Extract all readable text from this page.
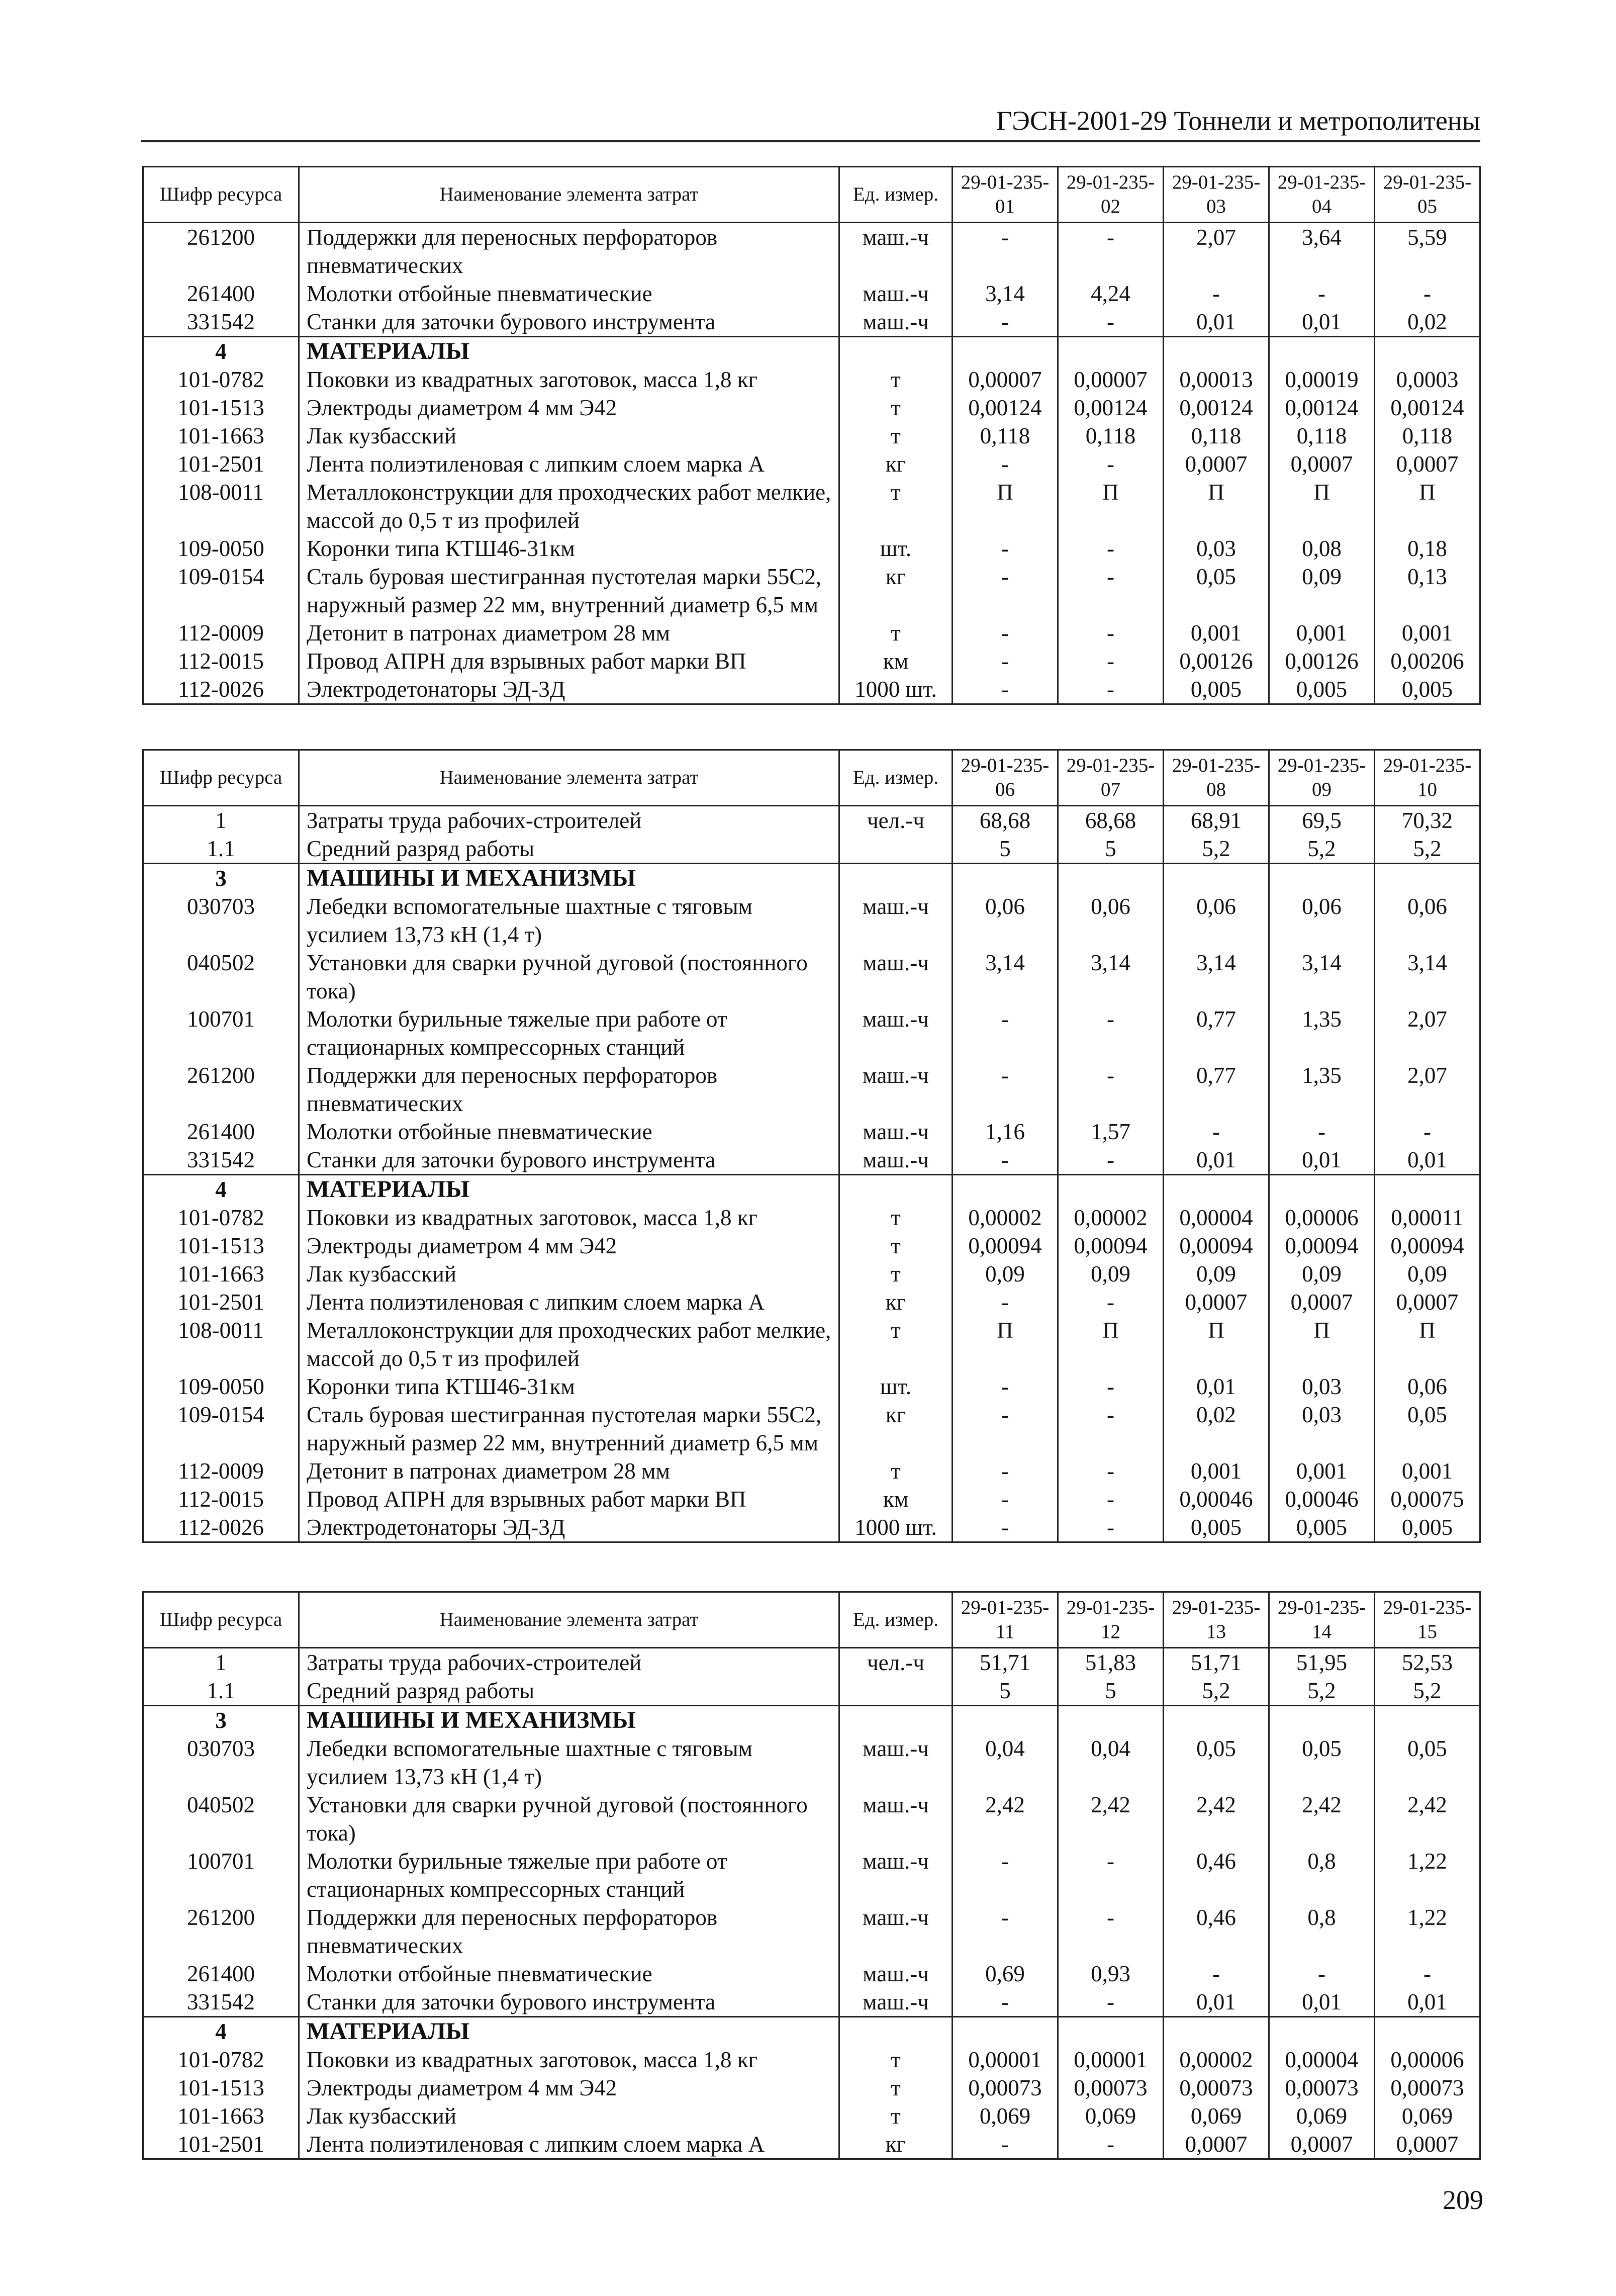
ГЭСН-2001-29 Тоннели и метрополитены
Шифр ресурса	Наименование элемента затрат	Ед. измер.	29-01-235-01	29-01-235-02	29-01-235-03	29-01-235-04	29-01-235-05
261200	Поддержки для переносных перфораторов пневматических	маш.-ч	-	-	2,07	3,64	5,59
261400	Молотки отбойные пневматические	маш.-ч	3,14	4,24	-	-	-
331542	Станки для заточки бурового инструмента	маш.-ч	-	-	0,01	0,01	0,02
4	МАТЕРИАЛЫ						
101-0782	Поковки из квадратных заготовок, масса 1,8 кг	т	0,00007	0,00007	0,00013	0,00019	0,0003
101-1513	Электроды диаметром 4 мм Э42	т	0,00124	0,00124	0,00124	0,00124	0,00124
101-1663	Лак кузбасский	т	0,118	0,118	0,118	0,118	0,118
101-2501	Лента полиэтиленовая с липким слоем марка А	кг	-	-	0,0007	0,0007	0,0007
108-0011	Металлоконструкции для проходческих работ мелкие, массой до 0,5 т из профилей	т	П	П	П	П	П
109-0050	Коронки типа КТШ46-31км	шт.	-	-	0,03	0,08	0,18
109-0154	Сталь буровая шестигранная пустотелая марки 55С2, наружный размер 22 мм, внутренний диаметр 6,5 мм	кг	-	-	0,05	0,09	0,13
112-0009	Детонит в патронах диаметром 28 мм	т	-	-	0,001	0,001	0,001
112-0015	Провод АПРН для взрывных работ марки ВП	км	-	-	0,00126	0,00126	0,00206
112-0026	Электродетонаторы ЭД-3Д	1000 шт.	-	-	0,005	0,005	0,005
Шифр ресурса	Наименование элемента затрат	Ед. измер.	29-01-235-06	29-01-235-07	29-01-235-08	29-01-235-09	29-01-235-10
1	Затраты труда рабочих-строителей	чел.-ч	68,68	68,68	68,91	69,5	70,32
1.1	Средний разряд работы		5	5	5,2	5,2	5,2
3	МАШИНЫ И МЕХАНИЗМЫ						
030703	Лебедки вспомогательные шахтные с тяговым усилием 13,73 кН (1,4 т)	маш.-ч	0,06	0,06	0,06	0,06	0,06
040502	Установки для сварки ручной дуговой (постоянного тока)	маш.-ч	3,14	3,14	3,14	3,14	3,14
100701	Молотки бурильные тяжелые при работе от стационарных компрессорных станций	маш.-ч	-	-	0,77	1,35	2,07
261200	Поддержки для переносных перфораторов пневматических	маш.-ч	-	-	0,77	1,35	2,07
261400	Молотки отбойные пневматические	маш.-ч	1,16	1,57	-	-	-
331542	Станки для заточки бурового инструмента	маш.-ч	-	-	0,01	0,01	0,01
4	МАТЕРИАЛЫ						
101-0782	Поковки из квадратных заготовок, масса 1,8 кг	т	0,00002	0,00002	0,00004	0,00006	0,00011
101-1513	Электроды диаметром 4 мм Э42	т	0,00094	0,00094	0,00094	0,00094	0,00094
101-1663	Лак кузбасский	т	0,09	0,09	0,09	0,09	0,09
101-2501	Лента полиэтиленовая с липким слоем марка А	кг	-	-	0,0007	0,0007	0,0007
108-0011	Металлоконструкции для проходческих работ мелкие, массой до 0,5 т из профилей	т	П	П	П	П	П
109-0050	Коронки типа КТШ46-31км	шт.	-	-	0,01	0,03	0,06
109-0154	Сталь буровая шестигранная пустотелая марки 55С2, наружный размер 22 мм, внутренний диаметр 6,5 мм	кг	-	-	0,02	0,03	0,05
112-0009	Детонит в патронах диаметром 28 мм	т	-	-	0,001	0,001	0,001
112-0015	Провод АПРН для взрывных работ марки ВП	км	-	-	0,00046	0,00046	0,00075
112-0026	Электродетонаторы ЭД-3Д	1000 шт.	-	-	0,005	0,005	0,005
Шифр ресурса	Наименование элемента затрат	Ед. измер.	29-01-235-11	29-01-235-12	29-01-235-13	29-01-235-14	29-01-235-15
1	Затраты труда рабочих-строителей	чел.-ч	51,71	51,83	51,71	51,95	52,53
1.1	Средний разряд работы		5	5	5,2	5,2	5,2
3	МАШИНЫ И МЕХАНИЗМЫ						
030703	Лебедки вспомогательные шахтные с тяговым усилием 13,73 кН (1,4 т)	маш.-ч	0,04	0,04	0,05	0,05	0,05
040502	Установки для сварки ручной дуговой (постоянного тока)	маш.-ч	2,42	2,42	2,42	2,42	2,42
100701	Молотки бурильные тяжелые при работе от стационарных компрессорных станций	маш.-ч	-	-	0,46	0,8	1,22
261200	Поддержки для переносных перфораторов пневматических	маш.-ч	-	-	0,46	0,8	1,22
261400	Молотки отбойные пневматические	маш.-ч	0,69	0,93	-	-	-
331542	Станки для заточки бурового инструмента	маш.-ч	-	-	0,01	0,01	0,01
4	МАТЕРИАЛЫ						
101-0782	Поковки из квадратных заготовок, масса 1,8 кг	т	0,00001	0,00001	0,00002	0,00004	0,00006
101-1513	Электроды диаметром 4 мм Э42	т	0,00073	0,00073	0,00073	0,00073	0,00073
101-1663	Лак кузбасский	т	0,069	0,069	0,069	0,069	0,069
101-2501	Лента полиэтиленовая с липким слоем марка А	кг	-	-	0,0007	0,0007	0,0007
209
